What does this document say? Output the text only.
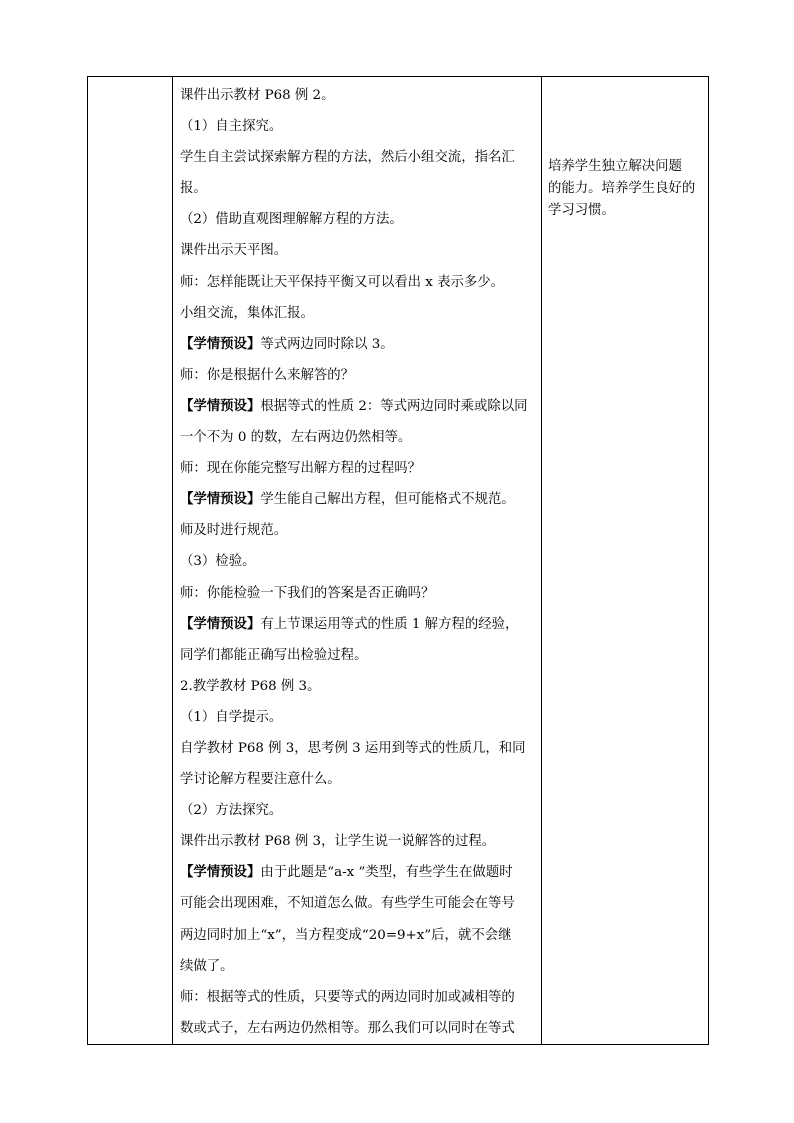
课件出示教材 P68 例 2。
（1）自主探究。
学生自主尝试探索解方程的方法，然后小组交流，指名汇
报。
（2）借助直观图理解解方程的方法。
课件出示天平图。
师：怎样能既让天平保持平衡又可以看出 x 表示多少。
小组交流，集体汇报。
【学情预设】等式两边同时除以 3。
师：你是根据什么来解答的？
【学情预设】根据等式的性质 2：等式两边同时乘或除以同
一个不为 0 的数，左右两边仍然相等。
师：现在你能完整写出解方程的过程吗？
【学情预设】学生能自己解出方程，但可能格式不规范。
师及时进行规范。
（3）检验。
师：你能检验一下我们的答案是否正确吗？
【学情预设】有上节课运用等式的性质 1 解方程的经验，
同学们都能正确写出检验过程。
2.教学教材 P68 例 3。
（1）自学提示。
自学教材 P68 例 3，思考例 3 运用到等式的性质几，和同
学讨论解方程要注意什么。
（2）方法探究。
课件出示教材 P68 例 3，让学生说一说解答的过程。
【学情预设】由于此题是“a-x ”类型，有些学生在做题时
可能会出现困难，不知道怎么做。有些学生可能会在等号
两边同时加上“x”，当方程变成“20=9+x”后，就不会继
续做了。
师：根据等式的性质，只要等式的两边同时加或减相等的
数或式子，左右两边仍然相等。那么我们可以同时在等式

培养学生独立解决问题
的能力。培养学生良好的
学习习惯。
